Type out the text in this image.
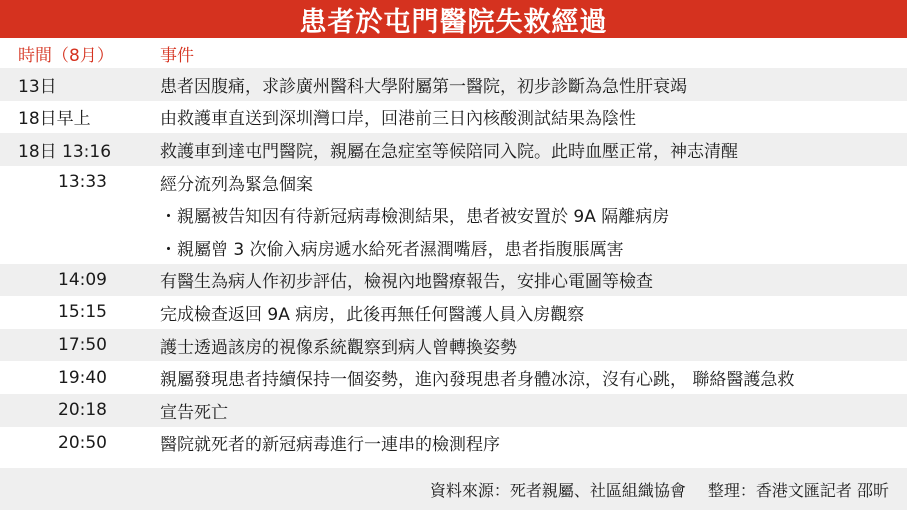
患者於屯門醫院失救經過
時間（8月）	事件
13日	患者因腹痛，求診廣州醫科大學附屬第一醫院，初步診斷為急性肝衰竭
18日早上	由救護車直送到深圳灣口岸，回港前三日內核酸測試結果為陰性
18日 13:16	救護車到達屯門醫院，親屬在急症室等候陪同入院。此時血壓正常，神志清醒
13:33	經分流列為緊急個案
・親屬被告知因有待新冠病毒檢測結果，患者被安置於 9A 隔離病房
・親屬曾 3 次偷入病房遞水給死者濕潤嘴唇，患者指腹脹厲害
14:09	有醫生為病人作初步評估，檢視內地醫療報告，安排心電圖等檢查
15:15	完成檢查返回 9A 病房，此後再無任何醫護人員入房觀察
17:50	護士透過該房的視像系統觀察到病人曾轉換姿勢
19:40	親屬發現患者持續保持一個姿勢，進內發現患者身體冰涼，沒有心跳， 聯絡醫護急救
20:18	宣告死亡
20:50	醫院就死者的新冠病毒進行一連串的檢測程序
資料來源：死者親屬、社區組織協會 整理：香港文匯記者 邵昕
